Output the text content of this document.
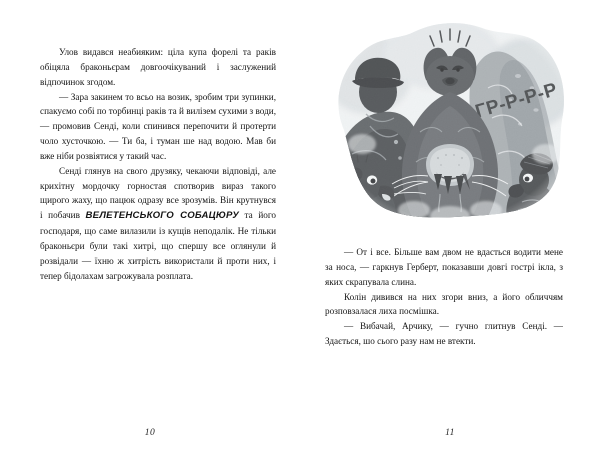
Улов видався неабияким: ціла купа форелі та раків обіцяла браконьєрам довгоочікуваний і заслужений відпочинок згодом.

— Зара закинем то всьо на возик, зробим три зупинки, спакуємо собі по торбинці раків та й вилізем сухими з води, — промовив Сенді, коли спинився перепочити й протерти чоло хусточкою. — Ти ба, і туман ше над водою. Мав би вже ніби розвіятися у такий час.

Сенді глянув на свого друзяку, чекаючи відповіді, але крихітну мордочку горностая спотворив вираз такого щирого жаху, що пацюк одразу все зрозумів. Він крутнувся і побачив ВЕЛЕТЕНСЬКОГО СОБАЦЮРУ та його господаря, що саме вилазили із кущів неподалік. Не тільки браконьєри були такі хитрі, що спершу все оглянули й розвідали — їхню ж хитрість використали й проти них, і тепер бідолахам загрожувала розплата.

10

— От і все. Більше вам двом не вдасться водити мене за носа, — гаркнув Герберт, показавши довгі гострі ікла, з яких скрапувала слина.

Колін дивився на них згори вниз, а його обличчям розповзалася лиха посмішка.

— Вибачай, Арчику, — гучно глитнув Сенді. — Здається, шо сього разу нам не втекти.

11
